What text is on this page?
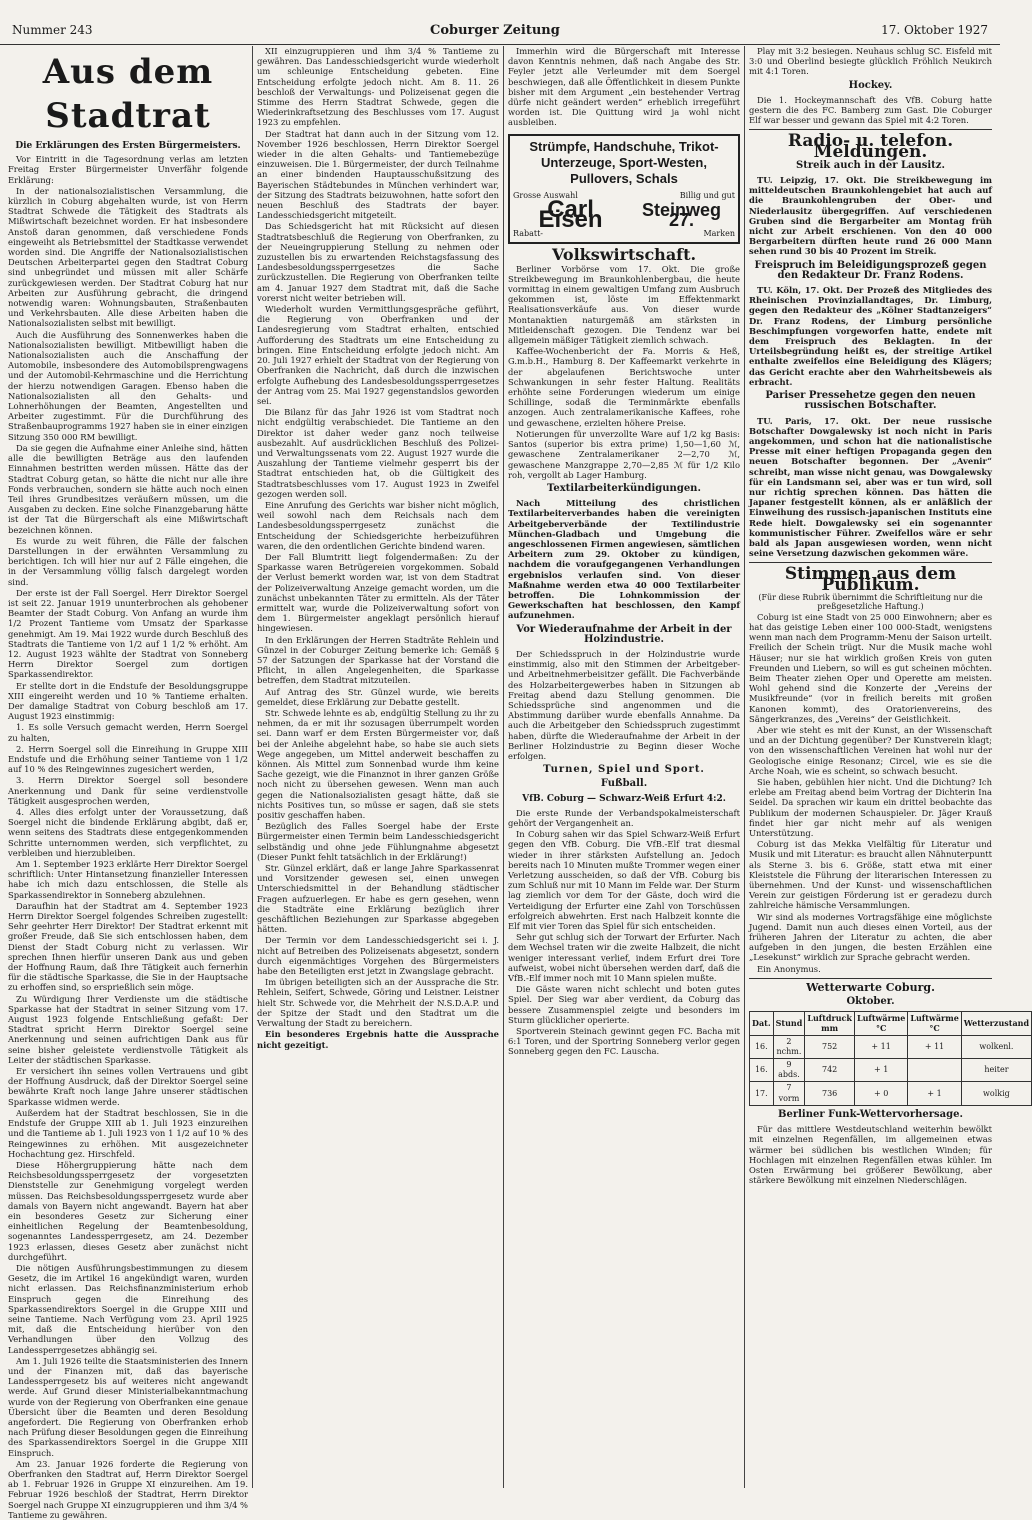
Nummer 243	Coburger Zeitung	17. Oktober 1927
Aus dem Stadtrat
Die Erklärungen des Ersten Bürgermeisters.

Vor Eintritt in die Tagesordnung verlas am letzten Freitag Erster Bürgermeister Unverfähr folgende Erklärung:

In der nationalsozialistischen Versammlung, die kürzlich in Coburg abgehalten wurde, ist von Herrn Stadtrat Schwede die Tätigkeit des Stadtrats als Mißwirtschaft bezeichnet worden. Er hat insbesondere Anstoß daran genommen, daß verschiedene Fonds eingeweiht als Betriebsmittel der Stadtkasse verwendet worden sind. Die Angriffe der Nationalsozialistischen Deutschen Arbeiterpartei gegen den Stadtrat Coburg sind unbegründet und müssen mit aller Schärfe zurückgewiesen werden. Der Stadtrat Coburg hat nur Arbeiten zur Ausführung gebracht, die dringend notwendig waren: Wohnungsbauten, Straßenbauten und Verkehrsbauten. Alle diese Arbeiten haben die Nationalsozialisten selbst mit bewilligt.

Auch die Ausführung des Sonnenwerkes haben die Nationalsozialisten bewilligt. Mitbewilligt haben die Nationalsozialisten auch die Anschaffung der Automobile, insbesondere des Automobilsprengwagens und der Automobil-Kehrmaschine und die Herrichtung der hierzu notwendigen Garagen. Ebenso haben die Nationalsozialisten all den Gehalts- und Lohnerhöhungen der Beamten, Angestellten und Arbeiter zugestimmt. Für die Durchführung des Straßenbauprogramms 1927 haben sie in einer einzigen Sitzung 350 000 RM bewilligt.

Da sie gegen die Aufnahme einer Anleihe sind, hätten alle die bewilligten Beträge aus den laufenden Einnahmen bestritten werden müssen. Hätte das der Stadtrat Coburg getan, so hätte die nicht nur alle ihre Fonds verbrauchen, sondern sie hätte auch noch einen Teil ihres Grundbesitzes veräußern müssen, um die Ausgaben zu decken. Eine solche Finanzgebarung hätte ist der Tat die Bürgerschaft als eine Mißwirtschaft bezeichnen können.

Es wurde zu weit führen, die Fälle der falschen Darstellungen in der erwähnten Versammlung zu berichtigen. Ich will hier nur auf 2 Fälle eingehen, die in der Versammlung völlig falsch dargelegt worden sind.

Der erste ist der Fall Soergel. Herr Direktor Soergel ist seit 22. Januar 1919 ununterbrochen als gehobener Beamter der Stadt Coburg. Von Anfang an wurde ihm 1/2 Prozent Tantieme vom Umsatz der Sparkasse genehmigt. Am 19. Mai 1922 wurde durch Beschluß des Stadtrats die Tantieme von 1/2 auf 1 1/2 % erhöht. Am 12. August 1923 wählte der Stadtrat von Sonneberg Herrn Direktor Soergel zum dortigen Sparkassendirektor.

Er stellte dort in die Endstufe der Besoldungsgruppe XIII eingereiht werden und 10 % Tantieme erhalten. Der damalige Stadtrat von Coburg beschloß am 17. August 1923 einstimmig:

1. Es solle Versuch gemacht werden, Herrn Soergel zu halten,

2. Herrn Soergel soll die Einreihung in Gruppe XIII Endstufe und die Erhöhung seiner Tantieme von 1 1/2 auf 10 % des Reingewinnes zugesichert werden,

3. Herrn Direktor Soergel soll besondere Anerkennung und Dank für seine verdienstvolle Tätigkeit ausgesprochen werden,

4. Alles dies erfolgt unter der Voraussetzung, daß Soergel nicht die bindende Erklärung abgibt, daß er, wenn seitens des Stadtrats diese entgegenkommenden Schritte unternommen werden, sich verpflichtet, zu verbleiben und hierzubleiben.

Am 1. September 1923 erklärte Herr Direktor Soergel schriftlich: Unter Hintansetzung finanzieller Interessen habe ich mich dazu entschlossen, die Stelle als Sparkassendirektor in Sonneberg abzulehnen.

Daraufhin hat der Stadtrat am 4. September 1923 Herrn Direktor Soergel folgendes Schreiben zugestellt: Sehr geehrter Herr Direktor! Der Stadtrat erkennt mit großer Freude, daß Sie sich entschlossen haben, dem Dienst der Stadt Coburg nicht zu verlassen. Wir sprechen Ihnen hierfür unseren Dank aus und geben der Hoffnung Raum, daß Ihre Tätigkeit auch fernerhin für die städtische Sparkasse, die Sie in der Hauptsache zu erhoffen sind, so ersprießlich sein möge.

Zu Würdigung Ihrer Verdienste um die städtische Sparkasse hat der Stadtrat in seiner Sitzung vom 17. August 1923 folgende Entschließung gefaßt: Der Stadtrat spricht Herrn Direktor Soergel seine Anerkennung und seinen aufrichtigen Dank aus für seine bisher geleistete verdienstvolle Tätigkeit als Leiter der städtischen Sparkasse.

Er versichert ihn seines vollen Vertrauens und gibt der Hoffnung Ausdruck, daß der Direktor Soergel seine bewährte Kraft noch lange Jahre unserer städtischen Sparkasse widmen werde.

Außerdem hat der Stadtrat beschlossen, Sie in die Endstufe der Gruppe XIII ab 1. Juli 1923 einzureihen und die Tantieme ab 1. Juli 1923 von 1 1/2 auf 10 % des Reingewinnes zu erhöhen. Mit ausgezeichneter Hochachtung gez. Hirschfeld.

Diese Höhergruppierung hätte nach dem Reichsbesoldungssperrgesetz der vorgesetzten Dienststelle zur Genehmigung vorgelegt werden müssen. Das Reichsbesoldungssperrgesetz wurde aber damals von Bayern nicht angewandt. Bayern hat aber ein besonderes Gesetz zur Sicherung einer einheitlichen Regelung der Beamtenbesoldung, sogenanntes Landessperrgesetz, am 24. Dezember 1923 erlassen, dieses Gesetz aber zunächst nicht durchgeführt.

Die nötigen Ausführungsbestimmungen zu diesem Gesetz, die im Artikel 16 angekündigt waren, wurden nicht erlassen. Das Reichsfinanzministerium erhob Einspruch gegen die Einreihung des Sparkassendirektors Soergel in die Gruppe XIII und seine Tantieme. Nach Verfügung vom 23. April 1925 mit, daß die Entscheidung hierüber von den Verhandlungen über den Vollzug des Landessperrgesetzes abhängig sei.

Am 1. Juli 1926 teilte die Staatsministerien des Innern und der Finanzen mit, daß das bayerische Landessperrgesetz bis auf weiteres nicht angewandt werde. Auf Grund dieser Ministerialbekanntmachung wurde von der Regierung von Oberfranken eine genaue Übersicht über die Beamten und deren Besoldung angefordert. Die Regierung von Oberfranken erhob nach Prüfung dieser Besoldungen gegen die Einreihung des Sparkassendirektors Soergel in die Gruppe XIII Einspruch.

Am 23. Januar 1926 forderte die Regierung von Oberfranken den Stadtrat auf, Herrn Direktor Soergel ab 1. Februar 1926 in Gruppe XI einzureihen. Am 19. Februar 1926 beschloß der Stadtrat, Herrn Direktor Soergel nach Gruppe XI einzugruppieren und ihm 3/4 % Tantieme zu gewähren.

XII einzugruppieren und ihm 3/4 % Tantieme zu gewähren. Das Landesschiedsgericht wurde wiederholt um schleunige Entscheidung gebeten. Eine Entscheidung erfolgte jedoch nicht. Am 8. 11. 26 beschloß der Verwaltungs- und Polizeisenat gegen die Stimme des Herrn Stadtrat Schwede, gegen die Wiederinkraftsetzung des Beschlusses vom 17. August 1923 zu empfehlen.

Der Stadtrat hat dann auch in der Sitzung vom 12. November 1926 beschlossen, Herrn Direktor Soergel wieder in die alten Gehalts- und Tantiemebezüge einzuweisen. Die 1. Bürgermeister, der durch Teilnahme an einer bindenden Hauptausschußsitzung des Bayerischen Städtebundes in München verhindert war, der Sitzung des Stadtrats beizuwohnen, hatte sofort den neuen Beschluß des Stadtrats der bayer. Landesschiedsgericht mitgeteilt.

Das Schiedsgericht hat mit Rücksicht auf diesen Stadtratsbeschluß die Regierung von Oberfranken, zu der Neueingruppierung Stellung zu nehmen oder zuzustellen bis zu erwartenden Reichstagsfassung des Landesbesoldungssperrgesetzes die Sache zurückzustellen. Die Regierung von Oberfranken teilte am 4. Januar 1927 dem Stadtrat mit, daß die Sache vorerst nicht weiter betrieben will.

Wiederholt wurden Vermittlungsgespräche geführt, die Regierung von Oberfranken und der Landesregierung vom Stadtrat erhalten, entschied Aufforderung des Stadtrats um eine Entscheidung zu bringen. Eine Entscheidung erfolgte jedoch nicht. Am 20. Juli 1927 erhielt der Stadtrat von der Regierung von Oberfranken die Nachricht, daß durch die inzwischen erfolgte Aufhebung des Landesbesoldungssperrgesetzes der Antrag vom 25. Mai 1927 gegenstandslos geworden sei.

Die Bilanz für das Jahr 1926 ist vom Stadtrat noch nicht endgültig verabschiedet. Die Tantieme an den Direktor ist daher weder ganz noch teilweise ausbezahlt. Auf ausdrücklichen Beschluß des Polizei- und Verwaltungssenats vom 22. August 1927 wurde die Auszahlung der Tantieme vielmehr gesperrt bis der Stadtrat entschieden hat, ob die Gültigkeit des Stadtratsbeschlusses vom 17. August 1923 in Zweifel gezogen werden soll.

Eine Anrufung des Gerichts war bisher nicht möglich, weil sowohl nach dem Reichsals nach dem Landesbesoldungssperrgesetz zunächst die Entscheidung der Schiedsgerichte herbeizuführen waren, die den ordentlichen Gerichte bindend waren.

Der Fall Blumtritt liegt folgendermaßen: Zu der Sparkasse waren Betrügereien vorgekommen. Sobald der Verlust bemerkt worden war, ist von dem Stadtrat der Polizeiverwaltung Anzeige gemacht worden, um die zunächst unbekannten Täter zu ermitteln. Als der Täter ermittelt war, wurde die Polizeiverwaltung sofort von dem 1. Bürgermeister angeklagt persönlich hierauf hingewiesen.

In den Erklärungen der Herren Stadträte Rehlein und Günzel in der Coburger Zeitung bemerke ich: Gemäß § 57 der Satzungen der Sparkasse hat der Vorstand die Pflicht, in allen Angelegenheiten, die Sparkasse betreffen, dem Stadtrat mitzuteilen.

Auf Antrag des Str. Günzel wurde, wie bereits gemeldet, diese Erklärung zur Debatte gestellt.

Str. Schwede lehnte es ab, endgültig Stellung zu ihr zu nehmen, da er mit ihr sozusagen überrumpelt worden sei. Dann warf er dem Ersten Bürgermeister vor, daß bei der Anleihe abgelehnt habe, so habe sie auch siets Wege angegeben, um Mittel anderweit beschaffen zu können. Als Mittel zum Sonnenbad wurde ihm keine Sache gezeigt, wie die Finanznot in ihrer ganzen Größe noch nicht zu übersehen gewesen. Wenn man auch gegen die Nationalsozialisten gesagt hätte, daß sie nichts Positives tun, so müsse er sagen, daß sie stets positiv geschaffen haben.

Bezüglich des Falles Soergel habe der Erste Bürgermeister einen Termin beim Landesschiedsgericht selbständig und ohne jede Fühlungnahme abgesetzt (Dieser Punkt fehlt tatsächlich in der Erklärung!)

Str. Günzel erklärt, daß er lange Jahre Sparkassenrat und Vorsitzender gewesen sei, einen unwegen Unterschiedsmittel in der Behandlung städtischer Fragen aufzuerlegen. Er habe es gern gesehen, wenn die Stadträte eine Erklärung bezüglich ihrer geschäftlichen Beziehungen zur Sparkasse abgegeben hätten.

Der Termin vor dem Landesschiedsgericht sei i. J. nicht auf Betreiben des Polizeisenats abgesetzt, sondern durch eigenmächtiges Vorgehen des Bürgermeisters habe den Beteiligten erst jetzt in Zwangslage gebracht.

Im übrigen beteiligten sich an der Aussprache die Str. Rehlein, Seifert, Schwede, Göring und Leistner. Leistner hielt Str. Schwede vor, die Mehrheit der N.S.D.A.P. und der Spitze der Stadt und den Stadtrat um die Verwaltung der Stadt zu bereichern.

Ein besonderes Ergebnis hatte die Aussprache nicht gezeitigt.

Immerhin wird die Bürgerschaft mit Interesse davon Kenntnis nehmen, daß nach Angabe des Str. Feyler jetzt alle Verleumder mit dem Soergel beschwiegen, daß alle Öffentlichkeit in diesem Punkte bisher mit dem Argument „ein bestehender Vertrag dürfe nicht geändert werden“ erheblich irregeführt worden ist. Die Quittung wird ja wohl nicht ausbleiben.

Strümpfe, Handschuhe, Trikot-
Unterzeuge, Sport-Westen,
Pullovers, Schals
Grosse Auswahl	Billig und gut
Carl Eisen	Steinweg 27.
Rabatt-	Marken
Volkswirtschaft.

Berliner Vorbörse vom 17. Okt. Die große Streikbewegung im Braunkohlenbergbau, die heute vormittag in einem gewaltigen Umfang zum Ausbruch gekommen ist, löste im Effektenmarkt Realisationsverkäufe aus. Von dieser wurde Montanaktien naturgemäß am stärksten in Mitleidenschaft gezogen. Die Tendenz war bei allgemein mäßiger Tätigkeit ziemlich schwach.

Kaffee-Wochenbericht der Fa. Morris & Heß, G.m.b.H., Hamburg 8. Der Kaffeemarkt verkehrte in der abgelaufenen Berichtswoche unter Schwankungen in sehr fester Haltung. Realitäts erhöhte seine Forderungen wiederum um einige Schillinge, sodaß die Terminmärkte ebenfalls anzogen. Auch zentralamerikanische Kaffees, rohe und gewaschene, erzielten höhere Preise.

Notierungen für unverzollte Ware auf 1/2 kg Basis: Santos (superior bis extra prime) 1,50—1,60 ℳ, gewaschene Zentralamerikaner 2—2,70 ℳ, gewaschene Manzgrappe 2,70—2,85 ℳ für 1/2 Kilo roh, vergollt ab Lager Hamburg.

Textilarbeiterkündigungen.

Nach Mitteilung des christlichen Textilarbeiterverbandes haben die vereinigten Arbeitgeberverbände der Textilindustrie München-Gladbach und Umgebung die angeschlossenen Firmen angewiesen, sämtlichen Arbeitern zum 29. Oktober zu kündigen, nachdem die voraufgegangenen Verhandlungen ergebnislos verlaufen sind. Von dieser Maßnahme werden etwa 40 000 Textilarbeiter betroffen. Die Lohnkommission der Gewerkschaften hat beschlossen, den Kampf aufzunehmen.

Vor Wiederaufnahme der Arbeit in der Holzindustrie.

Der Schiedsspruch in der Holzindustrie wurde einstimmig, also mit den Stimmen der Arbeitgeber- und Arbeitnehmerbeisitzer gefällt. Die Fachverbände des Holzarbeitergewerbes haben in Sitzungen ab Freitag abend dazu Stellung genommen. Die Schiedssprüche sind angenommen und die Abstimmung darüber wurde ebenfalls Annahme. Da auch die Arbeitgeber den Schiedsspruch zugestimmt haben, dürfte die Wiederaufnahme der Arbeit in der Berliner Holzindustrie zu Beginn dieser Woche erfolgen.

Turnen, Spiel und Sport.
Fußball.
VfB. Coburg — Schwarz-Weiß Erfurt 4:2.

Die erste Runde der Verbandspokalmeisterschaft gehört der Vergangenheit an.

In Coburg sahen wir das Spiel Schwarz-Weiß Erfurt gegen den VfB. Coburg. Die VfB.-Elf trat diesmal wieder in ihrer stärksten Aufstellung an. Jedoch bereits nach 10 Minuten mußte Trommer wegen einer Verletzung ausscheiden, so daß der VfB. Coburg bis zum Schluß nur mit 10 Mann im Felde war. Der Sturm lag ziemlich vor dem Tor der Gäste, doch wird die Verteidigung der Erfurter eine Zahl von Torschüssen erfolgreich abwehrten. Erst nach Halbzeit konnte die Elf mit vier Toren das Spiel für sich entscheiden.

Sehr gut schlug sich der Torwart der Erfurter. Nach dem Wechsel traten wir die zweite Halbzeit, die nicht weniger interessant verlief, indem Erfurt drei Tore aufweist, wobei nicht übersehen werden darf, daß die VfB.-Elf immer noch mit 10 Mann spielen mußte.

Die Gäste waren nicht schlecht und boten gutes Spiel. Der Sieg war aber verdient, da Coburg das bessere Zusammenspiel zeigte und besonders im Sturm glücklicher operierte.

Sportverein Steinach gewinnt gegen FC. Bacha mit 6:1 Toren, und der Sportring Sonneberg verlor gegen Sonneberg gegen den FC. Lauscha.

Play mit 3:2 besiegen. Neuhaus schlug SC. Eisfeld mit 3:0 und Oberlind besiegte glücklich Fröhlich Neukirch mit 4:1 Toren.

Hockey.

Die 1. Hockeymannschaft des VfB. Coburg hatte gestern die des FC. Bamberg zum Gast. Die Coburger Elf war besser und gewann das Spiel mit 4:2 Toren.

Radio- u. telefon. Meldungen.
Streik auch in der Lausitz.

TU. Leipzig, 17. Okt. Die Streikbewegung im mitteldeutschen Braunkohlengebiet hat auch auf die Braunkohlengruben der Ober- und Niederlausitz übergegriffen. Auf verschiedenen Gruben sind die Bergarbeiter am Montag früh nicht zur Arbeit erschienen. Von den 40 000 Bergarbeitern dürften heute rund 26 000 Mann sehen rund 30 bis 40 Prozent im Streik.

Freispruch im Beleidigungsprozeß gegen den Redakteur Dr. Franz Rodens.

TU. Köln, 17. Okt. Der Prozeß des Mitgliedes des Rheinischen Provinziallandtages, Dr. Limburg, gegen den Redakteur des „Kölner Stadtanzeigers“ Dr. Franz Rodens, der Limburg persönliche Beschimpfungen vorgeworfen hatte, endete mit dem Freispruch des Beklagten. In der Urteilsbegründung heißt es, der streitige Artikel enthalte zweifellos eine Beleidigung des Klägers; das Gericht erachte aber den Wahrheitsbeweis als erbracht.

Pariser Pressehetze gegen den neuen russischen Botschafter.

TU. Paris, 17. Okt. Der neue russische Botschafter Dowgalewsky ist noch nicht in Paris angekommen, und schon hat die nationalistische Presse mit einer heftigen Propaganda gegen den neuen Botschafter begonnen. Der „Avenir“ schreibt, man wisse nicht genau, was Dowgalewsky für ein Landsmann sei, aber was er tun wird, soll nur richtig sprechen können. Das hätten die Japaner festgestellt können, als er anläßlich der Einweihung des russisch-japanischen Instituts eine Rede hielt. Dowgalewsky sei ein sogenannter kommunistischer Führer. Zweifellos wäre er sehr bald als Japan ausgewiesen worden, wenn nicht seine Versetzung dazwischen gekommen wäre.

Stimmen aus dem Publikum.
(Für diese Rubrik übernimmt die Schriftleitung nur die preßgesetzliche Haftung.)

Coburg ist eine Stadt von 25 000 Einwohnern; aber es hat das geistige Leben einer 100 000-Stadt, wenigstens wenn man nach dem Programm-Menu der Saison urteilt. Freilich der Schein trügt. Nur die Musik mache wohl Häuser; nur sie hat wirklich großen Kreis von guten Freunden und Liebern, so will es gut scheinen möchten. Beim Theater ziehen Oper und Operette am meisten. Wohl gehend sind die Konzerte der „Vereins der Musikfreunde“ (vor in freilich bereits mit großen Kanonen kommt), des Oratorienvereins, des Sängerkranzes, des „Vereins“ der Geistlichkeit.

Aber wie steht es mit der Kunst, an der Wissenschaft und an der Dichtung gegenüber? Der Kunstverein klagt; von den wissenschaftlichen Vereinen hat wohl nur der Geologische einige Resonanz; Circel, wie es sie die Arche Noah, wie es scheint, so schwach besucht.

Sie haben, gebühlen hier nicht. Und die Dichtung? Ich erlebe am Freitag abend beim Vortrag der Dichterin Ina Seidel. Da sprachen wir kaum ein drittel beobachte das Publikum der modernen Schauspieler. Dr. Jäger Krauß findet hier gar nicht mehr auf als wenigen Unterstützung.

Coburg ist das Mekka Vielfältig für Literatur und Musik und mit Literatur: es braucht allen Nähnuterpuntt als Sterne 3. bis 6. Größe, statt etwa mit einer Kleiststele die Führung der literarischen Interessen zu übernehmen. Und der Kunst- und wissenschaftlichen Verein zur geistigen Förderung ist er geradezu durch zahlreiche hämische Versammlungen.

Wir sind als modernes Vortragsfähige eine möglichste Jugend. Damit nun auch dieses einen Vorteil, aus der früheren Jahren der Literatur zu achten, die aber aufgeben in den jungen, die besten Erzählen eine „Lesekunst“ wirklich zur Sprache gebracht werden.

Ein Anonymus.

Wetterwarte Coburg.
Oktober.
Dat.	Stund	Luftdruck mm	Luftwärme °C	Luftwärme °C	Wetterzustand
16.	2 nchm.	752	+ 11	+ 11	wolkenl.
16.	9 abds.	742	+ 1		heiter
17.	7 vorm	736	+ 0	+ 1	wolkig
Berliner Funk-Wettervorhersage.

Für das mittlere Westdeutschland weiterhin bewölkt mit einzelnen Regenfällen, im allgemeinen etwas wärmer bei südlichen bis westlichen Winden; für Hochlagen mit einzelnen Regenfällen etwas kühler. Im Osten Erwärmung bei größerer Bewölkung, aber stärkere Bewölkung mit einzelnen Niederschlägen.
